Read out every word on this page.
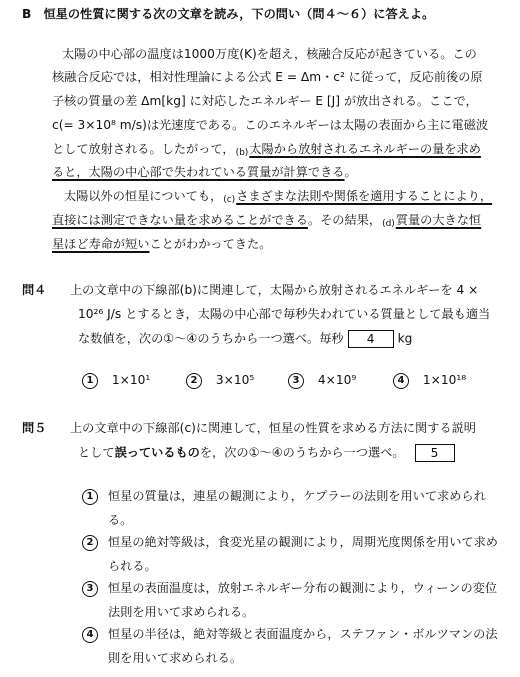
B　恒星の性質に関する次の文章を読み，下の問い（問４～６）に答えよ。
太陽の中心部の温度は1000万度(K)を超え，核融合反応が起きている。この
核融合反応では，相対性理論による公式 E = Δm・c² に従って，反応前後の原
子核の質量の差 Δm[kg] に対応したエネルギー E [J] が放出される。ここで，
c(= 3×10⁸ m/s)は光速度である。このエネルギーは太陽の表面から主に電磁波
として放射される。したがって，(b)太陽から放射されるエネルギーの量を求め
ると，太陽の中心部で失われている質量が計算できる。
太陽以外の恒星についても，(c)さまざまな法則や関係を適用することにより，
直接には測定できない量を求めることができる。その結果，(d)質量の大きな恒
星ほど寿命が短いことがわかってきた。
問４ 上の文章中の下線部(b)に関連して，太陽から放射されるエネルギーを 4 ×
10²⁶ J/s とするとき，太陽の中心部で毎秒失われている質量として最も適当
な数値を，次の①～④のうちから一つ選べ。毎秒 4 kg
1 1×10¹	2 3×10⁵	3 4×10⁹	4 1×10¹⁸
問５ 上の文章中の下線部(c)に関連して，恒星の性質を求める方法に関する説明
として誤っているものを，次の①～④のうちから一つ選べ。 5
1 恒星の質量は，連星の観測により，ケプラーの法則を用いて求められ
る。
2 恒星の絶対等級は，食変光星の観測により，周期光度関係を用いて求め
られる。
3 恒星の表面温度は，放射エネルギー分布の観測により，ウィーンの変位
法則を用いて求められる。
4 恒星の半径は，絶対等級と表面温度から，ステファン・ボルツマンの法
則を用いて求められる。
